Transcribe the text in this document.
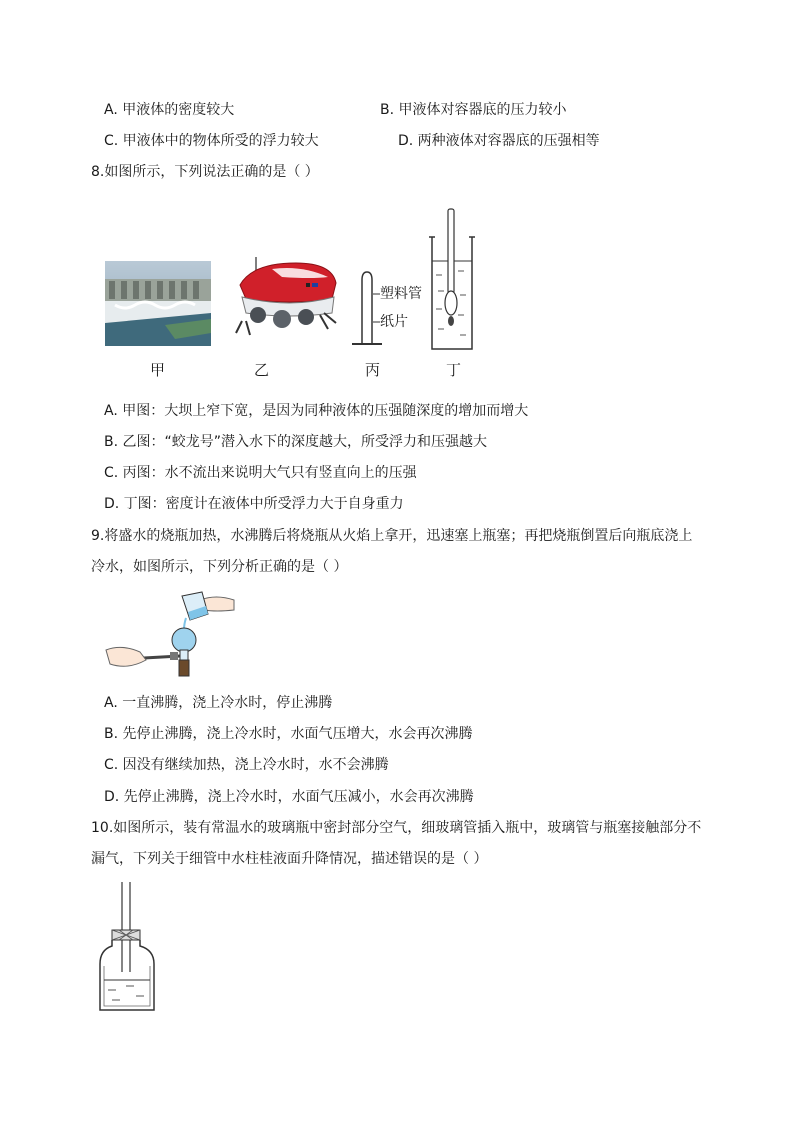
A. 甲液体的密度较大	B. 甲液体对容器底的压力较小
C. 甲液体中的物体所受的浮力较大	D. 两种液体对容器底的压强相等
8.如图所示，下列说法正确的是（ ）
塑料管
纸片
甲	乙	丙	丁
A. 甲图：大坝上窄下宽，是因为同种液体的压强随深度的增加而增大
B. 乙图：“蛟龙号”潜入水下的深度越大，所受浮力和压强越大
C. 丙图：水不流出来说明大气只有竖直向上的压强
D. 丁图：密度计在液体中所受浮力大于自身重力
9.将盛水的烧瓶加热，水沸腾后将烧瓶从火焰上拿开，迅速塞上瓶塞；再把烧瓶倒置后向瓶底浇上
冷水，如图所示，下列分析正确的是（ ）
A. 一直沸腾，浇上冷水时，停止沸腾
B. 先停止沸腾，浇上冷水时，水面气压增大，水会再次沸腾
C. 因没有继续加热，浇上冷水时，水不会沸腾
D. 先停止沸腾，浇上冷水时，水面气压减小，水会再次沸腾
10.如图所示，装有常温水的玻璃瓶中密封部分空气，细玻璃管插入瓶中，玻璃管与瓶塞接触部分不
漏气，下列关于细管中水柱桂液面升降情况，描述错误的是（ ）
